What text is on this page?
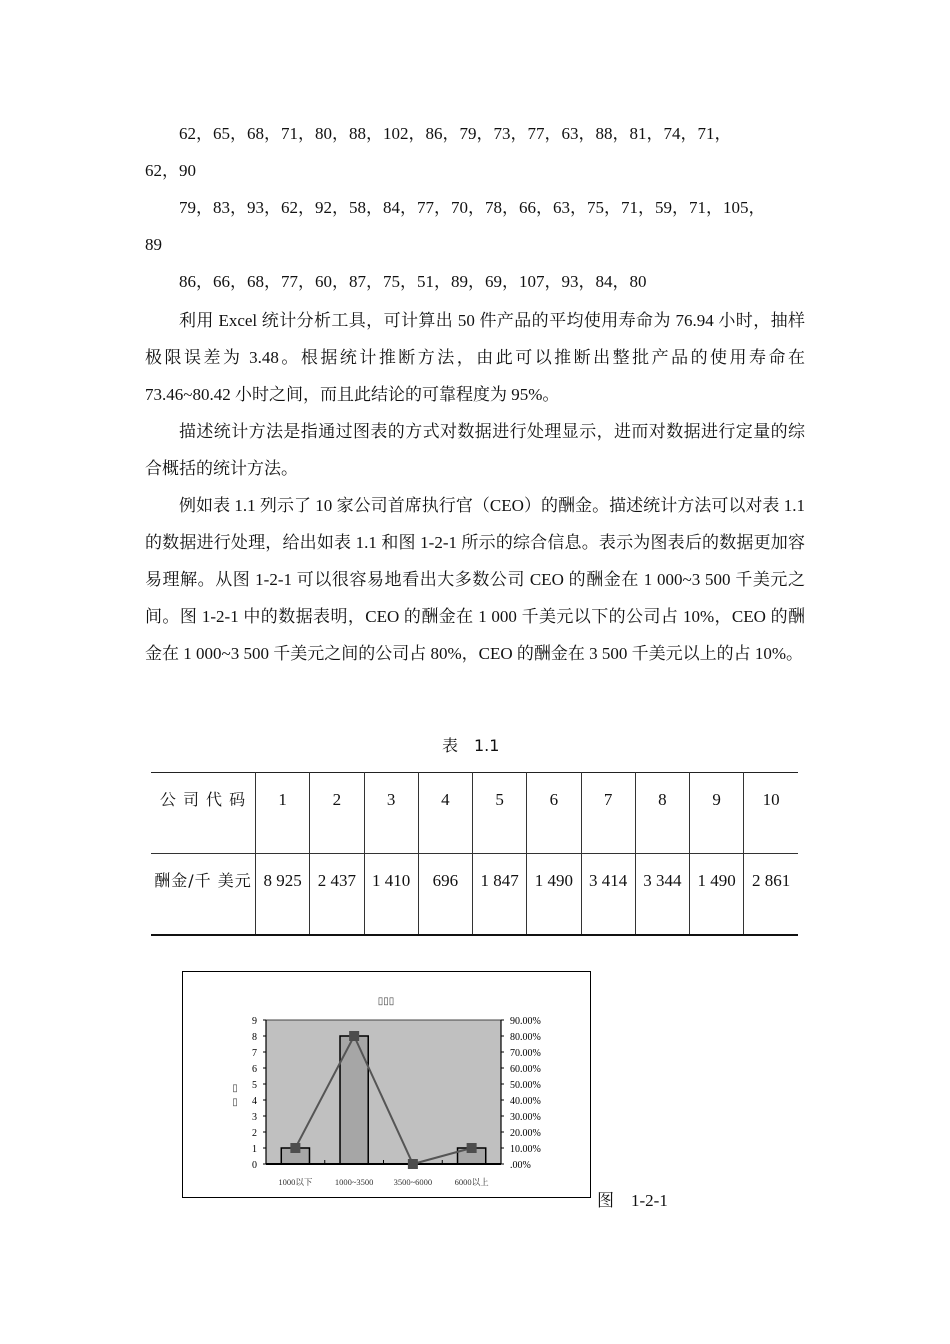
62，65，68，71，80，88，102，86，79，73，77，63，88，81，74，71，
62，90
79，83，93，62，92，58，84，77，70，78，66，63，75，71，59，71，105，
89
86，66，68，77，60，87，75，51，89，69，107，93，84，80
利用 Excel 统计分析工具，可计算出 50 件产品的平均使用寿命为 76.94 小时，抽样极限误差为 3.48。根据统计推断方法，由此可以推断出整批产品的使用寿命在 73.46~80.42 小时之间，而且此结论的可靠程度为 95%。
描述统计方法是指通过图表的方式对数据进行处理显示，进而对数据进行定量的综合概括的统计方法。
例如表 1.1 列示了 10 家公司首席执行官（CEO）的酬金。描述统计方法可以对表 1.1 的数据进行处理，给出如表 1.1 和图 1-2-1 所示的综合信息。表示为图表后的数据更加容易理解。从图 1-2-1 可以很容易地看出大多数公司 CEO 的酬金在 1 000~3 500 千美元之间。图 1-2-1 中的数据表明，CEO 的酬金在 1 000 千美元以下的公司占 10%，CEO 的酬金在 1 000~3 500 千美元之间的公司占 80%，CEO 的酬金在 3 500 千美元以上的占 10%。
表　1.1
公 司 代 码	1	2	3	4	5	6	7	8	9	10
酬金/千 美元	8 925	2 437	1 410	696	1 847	1 490	3 414	3 344	1 490	2 861
▯▯▯
0
1
2
3
4
5
6
7
8
9
.00%
10.00%
20.00%
30.00%
40.00%
50.00%
60.00%
70.00%
80.00%
90.00%
▯
▯
1000以下	1000~3500 3500~6000	6000以上
图　1-2-1
